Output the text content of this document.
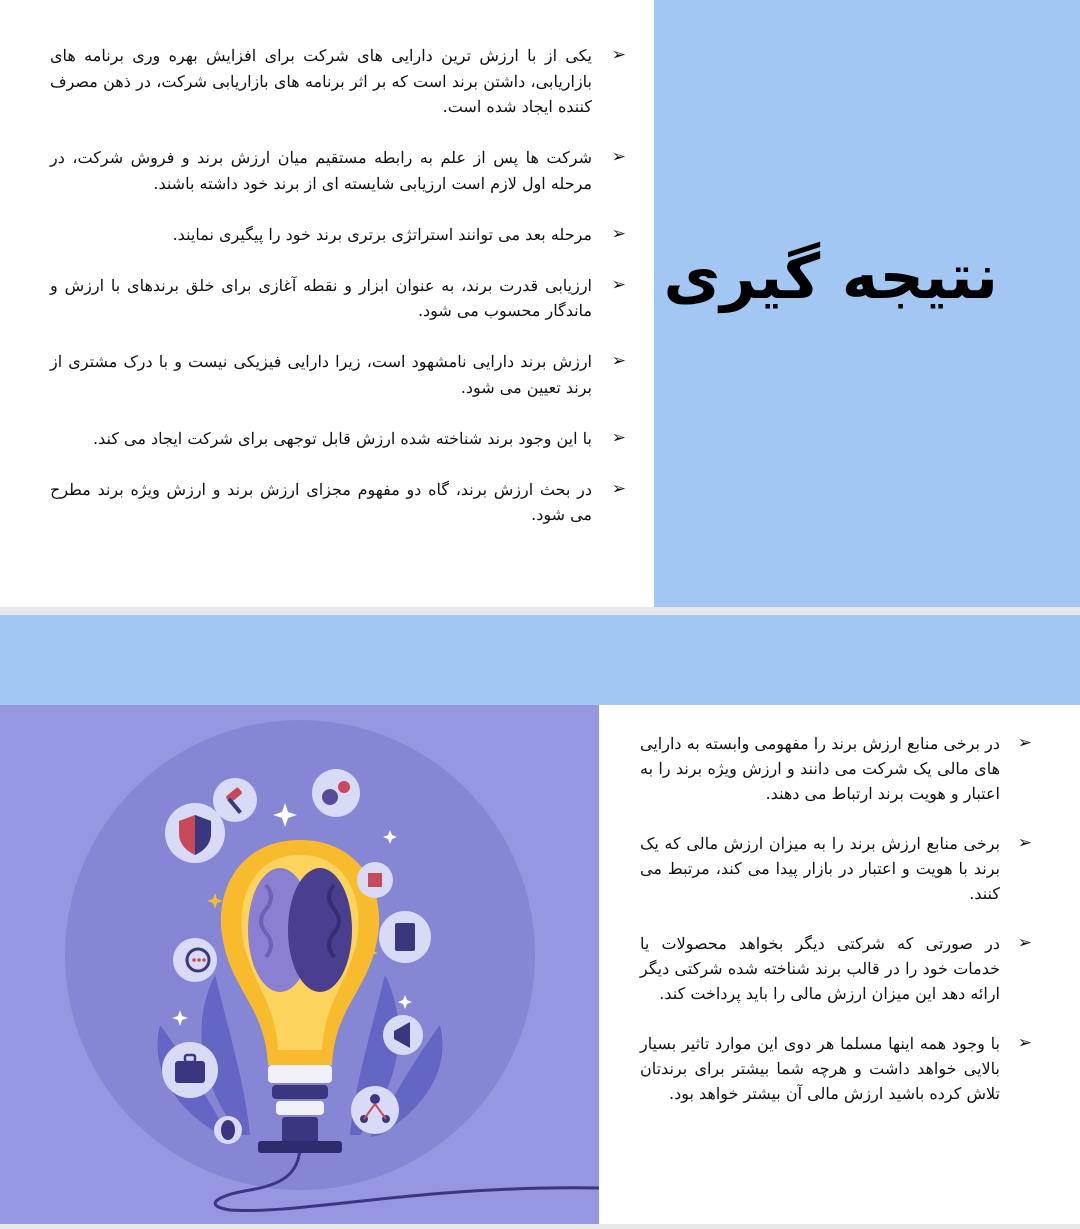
➢
یکی از با ارزش ترین دارایی های شرکت برای افزایش بهره وری برنامه های بازاریابی، داشتن برند است که بر اثر برنامه های بازاریابی شرکت، در ذهن مصرف کننده ایجاد شده است.
➢
شرکت ها پس از علم به رابطه مستقیم میان ارزش برند و فروش شرکت، در مرحله اول لازم است ارزیابی شایسته ای از برند خود داشته باشند.
➢
مرحله بعد می توانند استراتژی برتری برند خود را پیگیری نمایند.
➢
ارزیابی قدرت برند، به عنوان ابزار و نقطه آغازی برای خلق برندهای با ارزش و ماندگار محسوب می شود.
➢
ارزش برند دارایی نامشهود است، زیرا دارایی فیزیکی نیست و با درک مشتری از برند تعیین می شود.
➢
با این وجود برند شناخته شده ارزش قابل توجهی برای شرکت ایجاد می کند.
➢
در بحث ارزش برند، گاه دو مفهوم مجزای ارزش برند و ارزش ویژه برند مطرح می شود.
نتیجه گیری
➢
در برخی منابع ارزش برند را مفهومی وابسته به دارایی های مالی یک شرکت می دانند و ارزش ویژه برند را به اعتبار و هویت برند ارتباط می دهند.
➢
برخی منابع ارزش برند را به میزان ارزش مالی که یک برند با هویت و اعتبار در بازار پیدا می کند، مرتبط می کنند.
➢
در صورتی که شرکتی دیگر بخواهد محصولات یا خدمات خود را در قالب برند شناخته شده شرکتی دیگر ارائه دهد این میزان ارزش مالی را باید پرداخت کند.
➢
با وجود همه اینها مسلما هر دوی این موارد تاثیر بسیار بالایی خواهد داشت و هرچه شما بیشتر برای برندتان تلاش کرده باشید ارزش مالی آن بیشتر خواهد بود.
